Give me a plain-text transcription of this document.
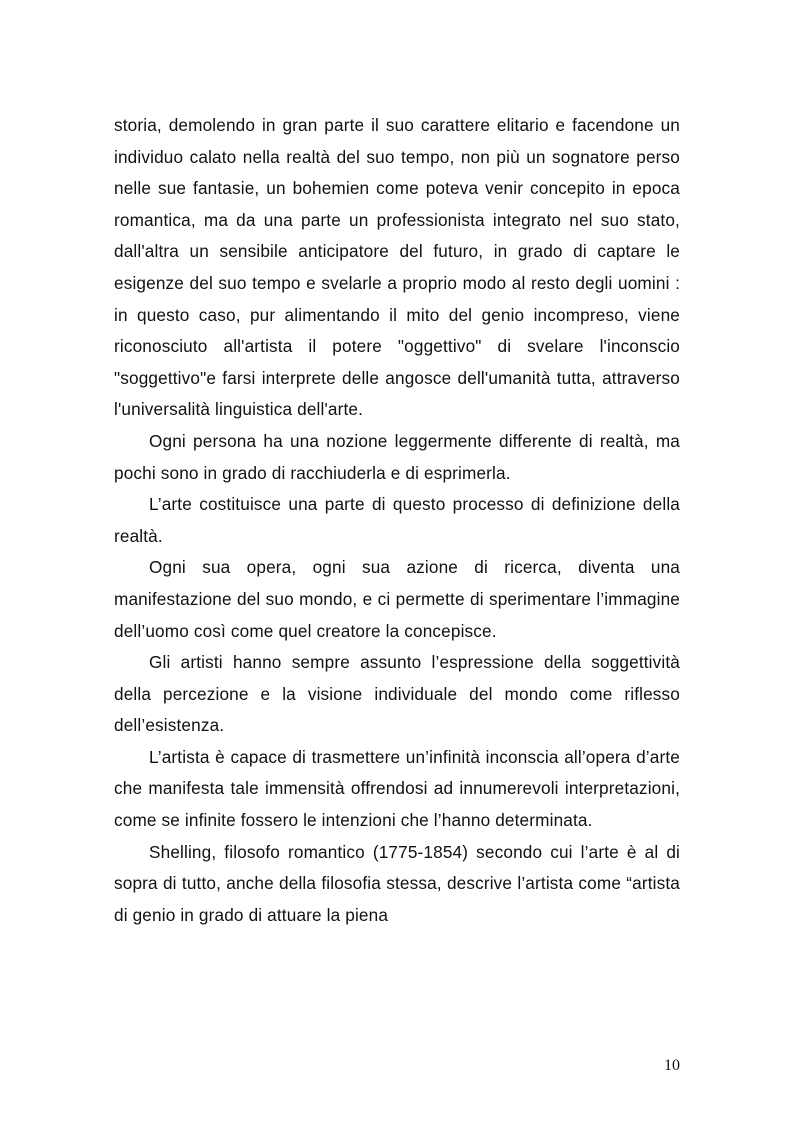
storia, demolendo in gran parte il suo carattere elitario e facendone un individuo calato nella realtà del suo tempo, non più un sognatore perso nelle sue fantasie, un bohemien come poteva venir concepito in epoca romantica, ma da una parte un professionista integrato nel suo stato, dall'altra un sensibile anticipatore del futuro, in grado di captare le esigenze del suo tempo e svelarle a proprio modo al resto degli uomini : in questo caso, pur alimentando il mito del genio incompreso, viene riconosciuto all'artista il potere "oggettivo" di svelare l'inconscio "soggettivo"e farsi interprete delle angosce dell'umanità tutta, attraverso l'universalità linguistica dell'arte.

Ogni persona ha una nozione leggermente differente di realtà, ma pochi sono in grado di racchiuderla e di esprimerla.

L’arte costituisce una parte di questo processo di definizione della realtà.

Ogni sua opera, ogni sua azione di ricerca, diventa una manifestazione del suo mondo, e ci permette di sperimentare l’immagine dell’uomo così come quel creatore la concepisce.

Gli artisti hanno sempre assunto l’espressione della soggettività della percezione e la visione individuale del mondo come riflesso dell’esistenza.

L’artista è capace di trasmettere un’infinità inconscia all’opera d’arte che manifesta tale immensità offrendosi ad innumerevoli interpretazioni, come se infinite fossero le intenzioni che l’hanno determinata.

Shelling, filosofo romantico (1775-1854) secondo cui l’arte è al di sopra di tutto, anche della filosofia stessa, descrive l’artista come “artista di genio in grado di attuare la piena

10
